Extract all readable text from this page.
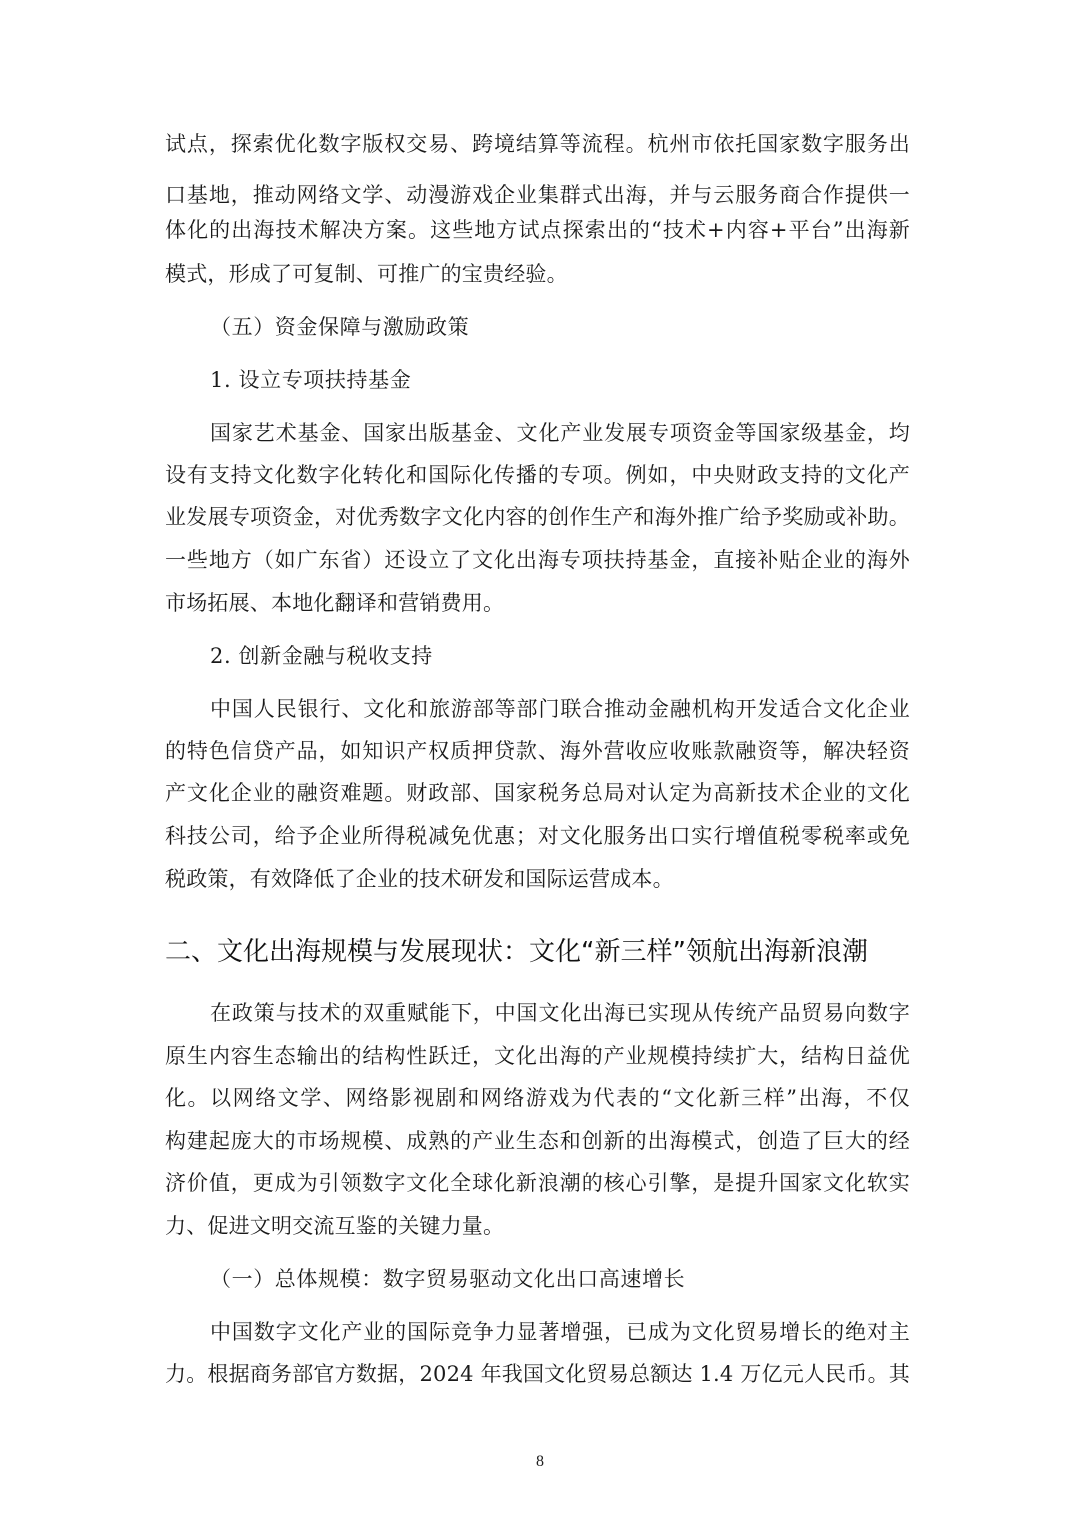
试点，探索优化数字版权交易、跨境结算等流程。杭州市依托国家数字服务出
口基地，推动网络文学、动漫游戏企业集群式出海，并与云服务商合作提供一
体化的出海技术解决方案。这些地方试点探索出的“技术+内容+平台”出海新
模式，形成了可复制、可推广的宝贵经验。
（五）资金保障与激励政策
1. 设立专项扶持基金
国家艺术基金、国家出版基金、文化产业发展专项资金等国家级基金，均
设有支持文化数字化转化和国际化传播的专项。例如，中央财政支持的文化产
业发展专项资金，对优秀数字文化内容的创作生产和海外推广给予奖励或补助。
一些地方（如广东省）还设立了文化出海专项扶持基金，直接补贴企业的海外
市场拓展、本地化翻译和营销费用。
2. 创新金融与税收支持
中国人民银行、文化和旅游部等部门联合推动金融机构开发适合文化企业
的特色信贷产品，如知识产权质押贷款、海外营收应收账款融资等，解决轻资
产文化企业的融资难题。财政部、国家税务总局对认定为高新技术企业的文化
科技公司，给予企业所得税减免优惠；对文化服务出口实行增值税零税率或免
税政策，有效降低了企业的技术研发和国际运营成本。
二、文化出海规模与发展现状：文化“新三样”领航出海新浪潮
在政策与技术的双重赋能下，中国文化出海已实现从传统产品贸易向数字
原生内容生态输出的结构性跃迁，文化出海的产业规模持续扩大，结构日益优
化。以网络文学、网络影视剧和网络游戏为代表的“文化新三样”出海，不仅
构建起庞大的市场规模、成熟的产业生态和创新的出海模式，创造了巨大的经
济价值，更成为引领数字文化全球化新浪潮的核心引擎，是提升国家文化软实
力、促进文明交流互鉴的关键力量。
（一）总体规模：数字贸易驱动文化出口高速增长
中国数字文化产业的国际竞争力显著增强，已成为文化贸易增长的绝对主
力。根据商务部官方数据，2024 年我国文化贸易总额达 1.4 万亿元人民币。其
8
